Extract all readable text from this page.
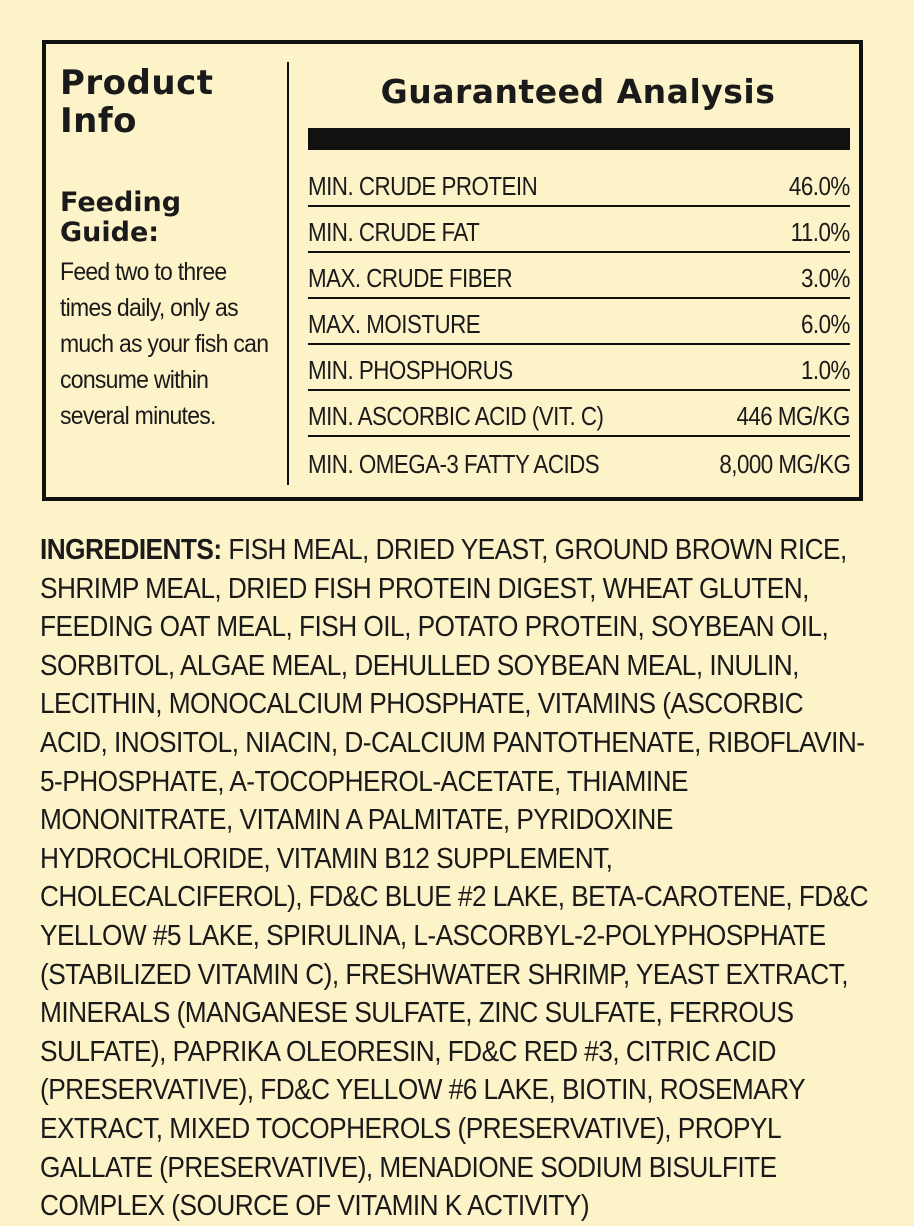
Product
Info
Feeding
Guide:

Feed two to three times daily, only as much as your fish can consume within several minutes.

Guaranteed Analysis
MIN. CRUDE PROTEIN	46.0%
MIN. CRUDE FAT	11.0%
MAX. CRUDE FIBER	3.0%
MAX. MOISTURE	6.0%
MIN. PHOSPHORUS	1.0%
MIN. ASCORBIC ACID (VIT. C)	446 MG/KG
MIN. OMEGA-3 FATTY ACIDS	8,000 MG/KG

INGREDIENTS: FISH MEAL, DRIED YEAST, GROUND BROWN RICE, SHRIMP MEAL, DRIED FISH PROTEIN DIGEST, WHEAT GLUTEN, FEEDING OAT MEAL, FISH OIL, POTATO PROTEIN, SOYBEAN OIL, SORBITOL, ALGAE MEAL, DEHULLED SOYBEAN MEAL, INULIN, LECITHIN, MONOCALCIUM PHOSPHATE, VITAMINS (ASCORBIC ACID, INOSITOL, NIACIN, D-CALCIUM PANTOTHENATE, RIBOFLAVIN-5-PHOSPHATE, A-TOCOPHEROL-ACETATE, THIAMINE MONONITRATE, VITAMIN A PALMITATE, PYRIDOXINE HYDROCHLORIDE, VITAMIN B12 SUPPLEMENT, CHOLECALCIFEROL), FD&C BLUE #2 LAKE, BETA-CAROTENE, FD&C YELLOW #5 LAKE, SPIRULINA, L-ASCORBYL-2-POLYPHOSPHATE (STABILIZED VITAMIN C), FRESHWATER SHRIMP, YEAST EXTRACT, MINERALS (MANGANESE SULFATE, ZINC SULFATE, FERROUS SULFATE), PAPRIKA OLEORESIN, FD&C RED #3, CITRIC ACID (PRESERVATIVE), FD&C YELLOW #6 LAKE, BIOTIN, ROSEMARY EXTRACT, MIXED TOCOPHEROLS (PRESERVATIVE), PROPYL GALLATE (PRESERVATIVE), MENADIONE SODIUM BISULFITE COMPLEX (SOURCE OF VITAMIN K ACTIVITY)
